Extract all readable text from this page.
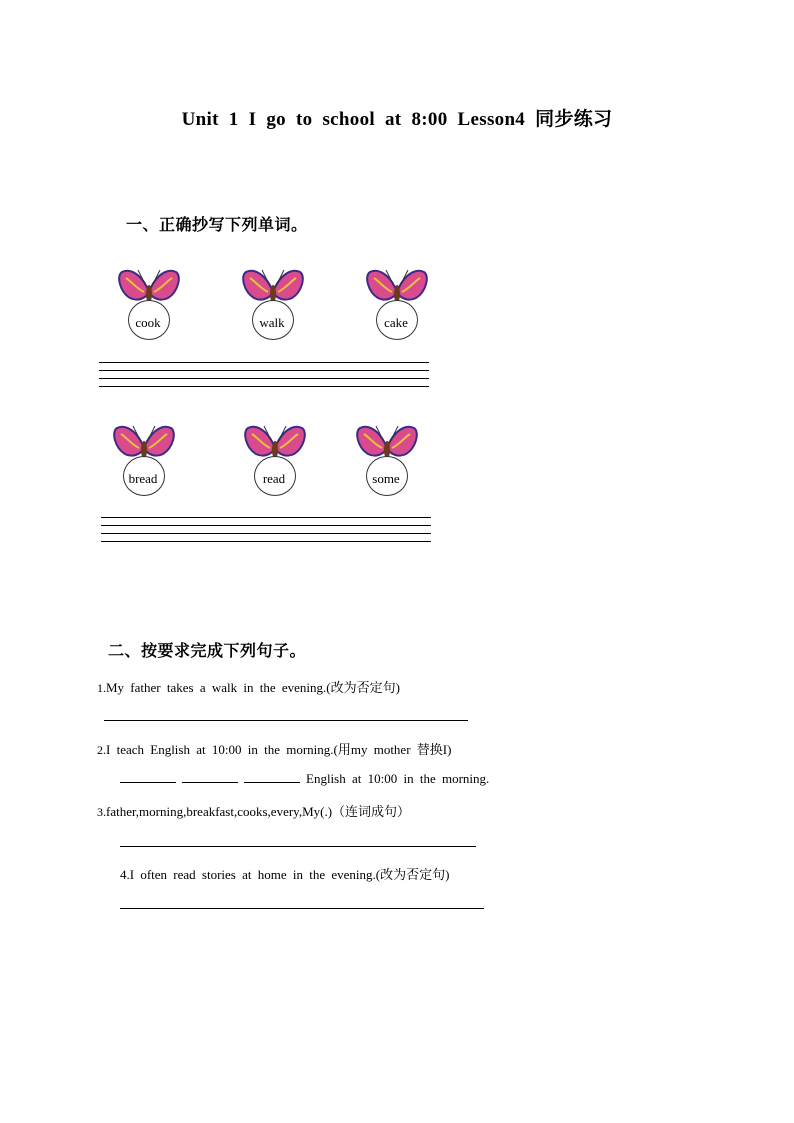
Unit 1 I go to school at 8:00 Lesson4 同步练习
一、正确抄写下列单词。
cook	walk	cake
bread	read	some
二、按要求完成下列句子。
1.My father takes a walk in the evening.(改为否定句)
2.I teach English at 10:00 in the morning.(用my mother 替换I)
English at 10:00 in the morning.
3.father,morning,breakfast,cooks,every,My(.)（连词成句）
4.I often read stories at home in the evening.(改为否定句)
